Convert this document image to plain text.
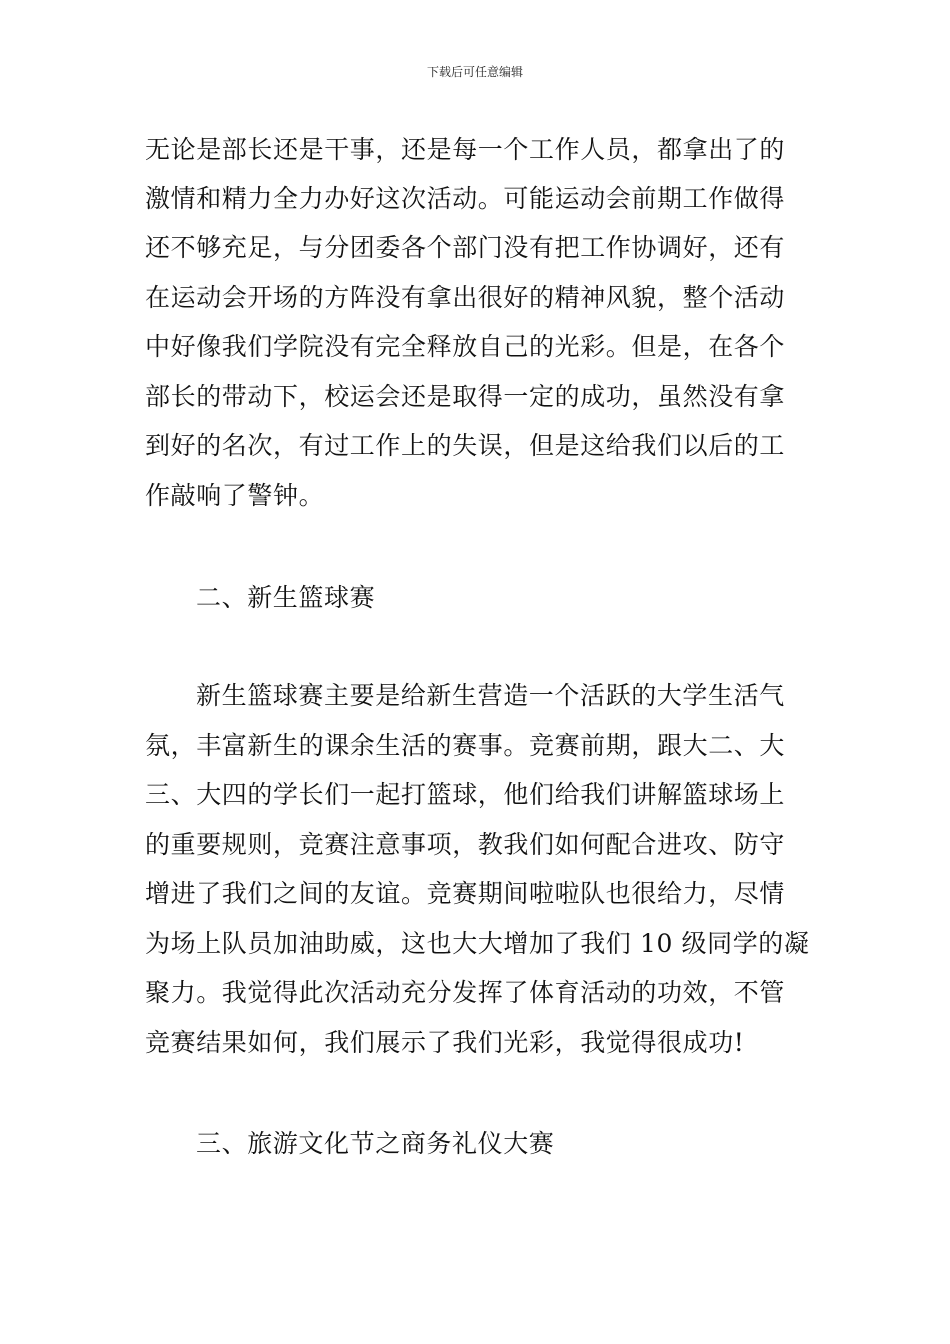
下载后可任意编辑
无论是部长还是干事，还是每一个工作人员，都拿出了的
激情和精力全力办好这次活动。可能运动会前期工作做得
还不够充足，与分团委各个部门没有把工作协调好，还有
在运动会开场的方阵没有拿出很好的精神风貌，整个活动
中好像我们学院没有完全释放自己的光彩。但是，在各个
部长的带动下，校运会还是取得一定的成功，虽然没有拿
到好的名次，有过工作上的失误，但是这给我们以后的工
作敲响了警钟。
二、新生篮球赛
新生篮球赛主要是给新生营造一个活跃的大学生活气
氛，丰富新生的课余生活的赛事。竞赛前期，跟大二、大
三、大四的学长们一起打篮球，他们给我们讲解篮球场上
的重要规则，竞赛注意事项，教我们如何配合进攻、防守
增进了我们之间的友谊。竞赛期间啦啦队也很给力，尽情
为场上队员加油助威，这也大大增加了我们 10 级同学的凝
聚力。我觉得此次活动充分发挥了体育活动的功效，不管
竞赛结果如何，我们展示了我们光彩，我觉得很成功!
三、旅游文化节之商务礼仪大赛
